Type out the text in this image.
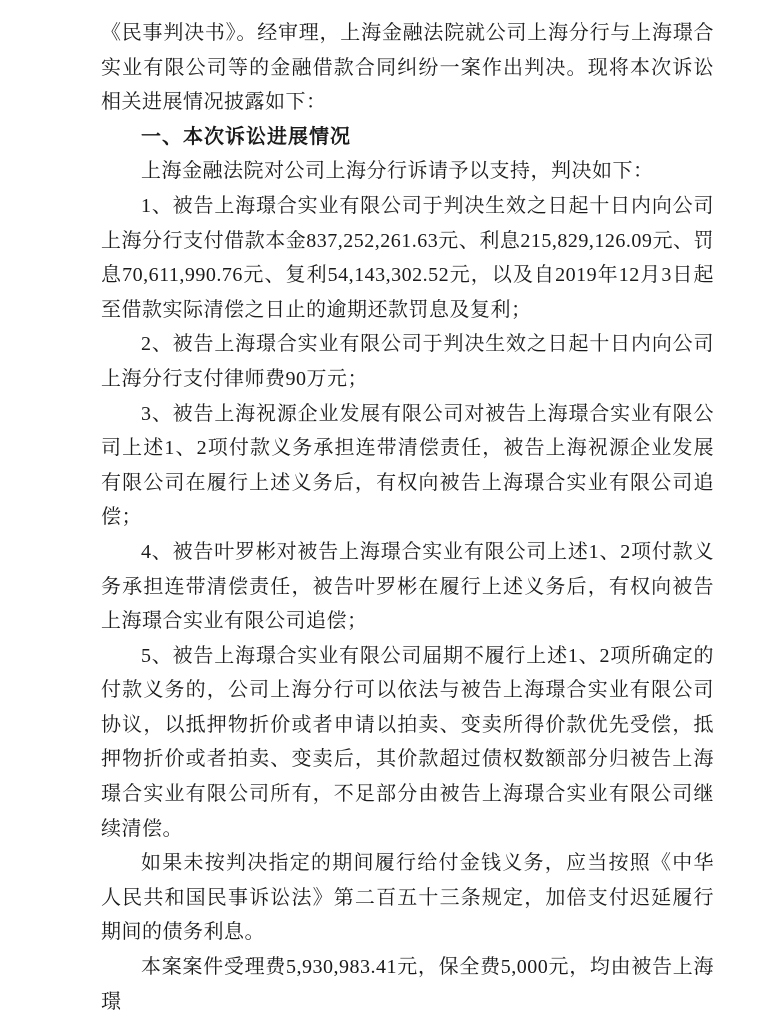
《民事判决书》。经审理，上海金融法院就公司上海分行与上海璟合实业有限公司等的金融借款合同纠纷一案作出判决。现将本次诉讼相关进展情况披露如下：

一、本次诉讼进展情况

上海金融法院对公司上海分行诉请予以支持，判决如下：

1、被告上海璟合实业有限公司于判决生效之日起十日内向公司上海分行支付借款本金837,252,261.63元、利息215,829,126.09元、罚息70,611,990.76元、复利54,143,302.52元，以及自2019年12月3日起至借款实际清偿之日止的逾期还款罚息及复利；

2、被告上海璟合实业有限公司于判决生效之日起十日内向公司上海分行支付律师费90万元；

3、被告上海祝源企业发展有限公司对被告上海璟合实业有限公司上述1、2项付款义务承担连带清偿责任，被告上海祝源企业发展有限公司在履行上述义务后，有权向被告上海璟合实业有限公司追偿；

4、被告叶罗彬对被告上海璟合实业有限公司上述1、2项付款义务承担连带清偿责任，被告叶罗彬在履行上述义务后，有权向被告上海璟合实业有限公司追偿；

5、被告上海璟合实业有限公司届期不履行上述1、2项所确定的付款义务的，公司上海分行可以依法与被告上海璟合实业有限公司协议，以抵押物折价或者申请以拍卖、变卖所得价款优先受偿，抵押物折价或者拍卖、变卖后，其价款超过债权数额部分归被告上海璟合实业有限公司所有，不足部分由被告上海璟合实业有限公司继续清偿。

如果未按判决指定的期间履行给付金钱义务，应当按照《中华人民共和国民事诉讼法》第二百五十三条规定，加倍支付迟延履行期间的债务利息。

本案案件受理费5,930,983.41元，保全费5,000元，均由被告上海璟
